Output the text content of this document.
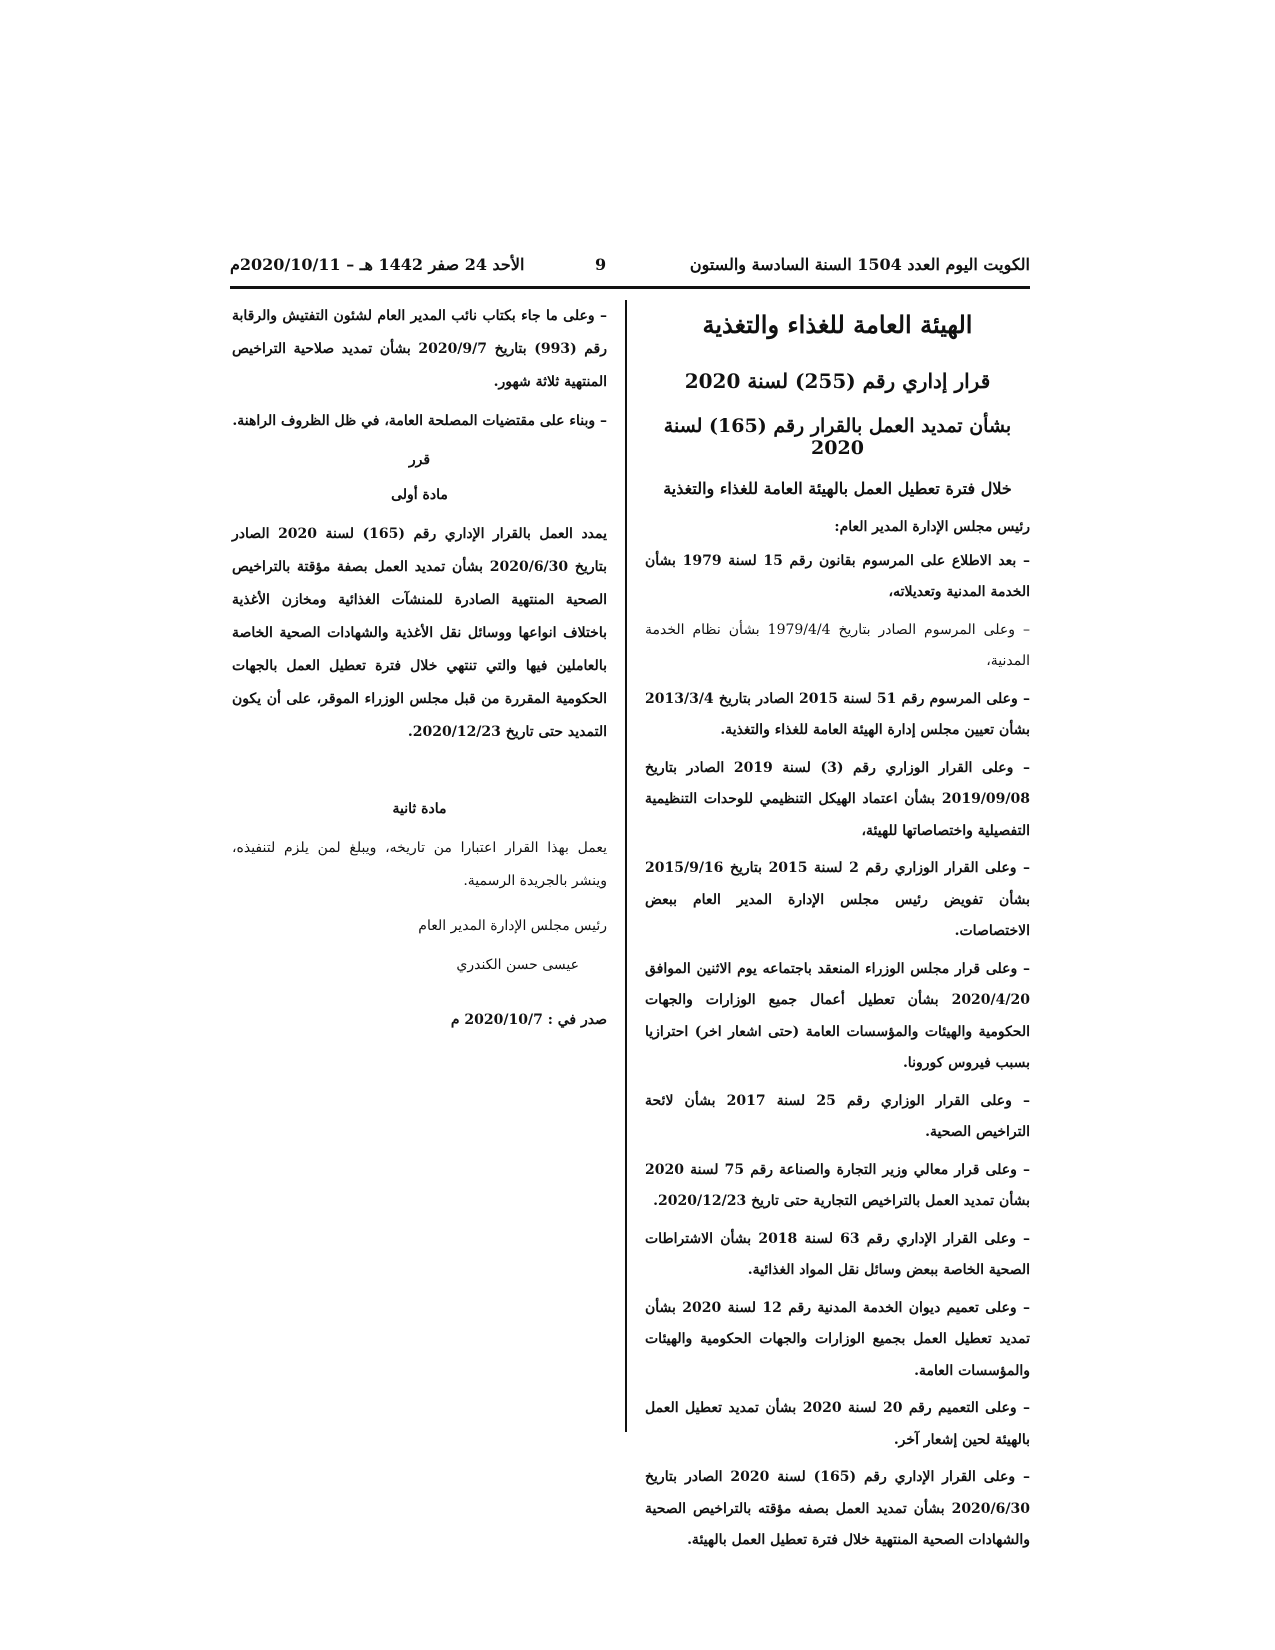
الكويت اليوم العدد 1504 السنة السادسة والستون
9
الأحد 24 صفر 1442 هـ – 2020/10/11م
الهيئة العامة للغذاء والتغذية
قرار إداري رقم (255) لسنة 2020
بشأن تمديد العمل بالقرار رقم (165) لسنة 2020
خلال فترة تعطيل العمل بالهيئة العامة للغذاء والتغذية

رئيس مجلس الإدارة المدير العام:

– بعد الاطلاع على المرسوم بقانون رقم 15 لسنة 1979 بشأن الخدمة المدنية وتعديلاته،

– وعلى المرسوم الصادر بتاريخ 1979/4/4 بشأن نظام الخدمة المدنية،

– وعلى المرسوم رقم 51 لسنة 2015 الصادر بتاريخ 2013/3/4 بشأن تعيين مجلس إدارة الهيئة العامة للغذاء والتغذية.

– وعلى القرار الوزاري رقم (3) لسنة 2019 الصادر بتاريخ 2019/09/08 بشأن اعتماد الهيكل التنظيمي للوحدات التنظيمية التفصيلية واختصاصاتها للهيئة،

– وعلى القرار الوزاري رقم 2 لسنة 2015 بتاريخ 2015/9/16 بشأن تفويض رئيس مجلس الإدارة المدير العام ببعض الاختصاصات.

– وعلى قرار مجلس الوزراء المنعقد باجتماعه يوم الاثنين الموافق 2020/4/20 بشأن تعطيل أعمال جميع الوزارات والجهات الحكومية والهيئات والمؤسسات العامة (حتى اشعار اخر) احترازيا بسبب فيروس كورونا.

– وعلى القرار الوزاري رقم 25 لسنة 2017 بشأن لائحة التراخيص الصحية.

– وعلى قرار معالي وزير التجارة والصناعة رقم 75 لسنة 2020 بشأن تمديد العمل بالتراخيص التجارية حتى تاريخ 2020/12/23.

– وعلى القرار الإداري رقم 63 لسنة 2018 بشأن الاشتراطات الصحية الخاصة ببعض وسائل نقل المواد الغذائية.

– وعلى تعميم ديوان الخدمة المدنية رقم 12 لسنة 2020 بشأن تمديد تعطيل العمل بجميع الوزارات والجهات الحكومية والهيئات والمؤسسات العامة.

– وعلى التعميم رقم 20 لسنة 2020 بشأن تمديد تعطيل العمل بالهيئة لحين إشعار آخر.

– وعلى القرار الإداري رقم (165) لسنة 2020 الصادر بتاريخ 2020/6/30 بشأن تمديد العمل بصفه مؤقته بالتراخيص الصحية والشهادات الصحية المنتهية خلال فترة تعطيل العمل بالهيئة.

– وعلى ما جاء بكتاب نائب المدير العام لشئون التفتيش والرقابة رقم (993) بتاريخ 2020/9/7 بشأن تمديد صلاحية التراخيص المنتهية ثلاثة شهور.

– وبناء على مقتضيات المصلحة العامة، في ظل الظروف الراهنة.

قرر

مادة أولى

يمدد العمل بالقرار الإداري رقم (165) لسنة 2020 الصادر بتاريخ 2020/6/30 بشأن تمديد العمل بصفة مؤقتة بالتراخيص الصحية المنتهية الصادرة للمنشآت الغذائية ومخازن الأغذية باختلاف انواعها ووسائل نقل الأغذية والشهادات الصحية الخاصة بالعاملين فيها والتي تنتهي خلال فترة تعطيل العمل بالجهات الحكومية المقررة من قبل مجلس الوزراء الموقر، على أن يكون التمديد حتى تاريخ 2020/12/23.

مادة ثانية

يعمل بهذا القرار اعتبارا من تاريخه، ويبلغ لمن يلزم لتنفيذه، وينشر بالجريدة الرسمية.

رئيس مجلس الإدارة المدير العام

عيسى حسن الكندري

صدر في : 2020/10/7 م
